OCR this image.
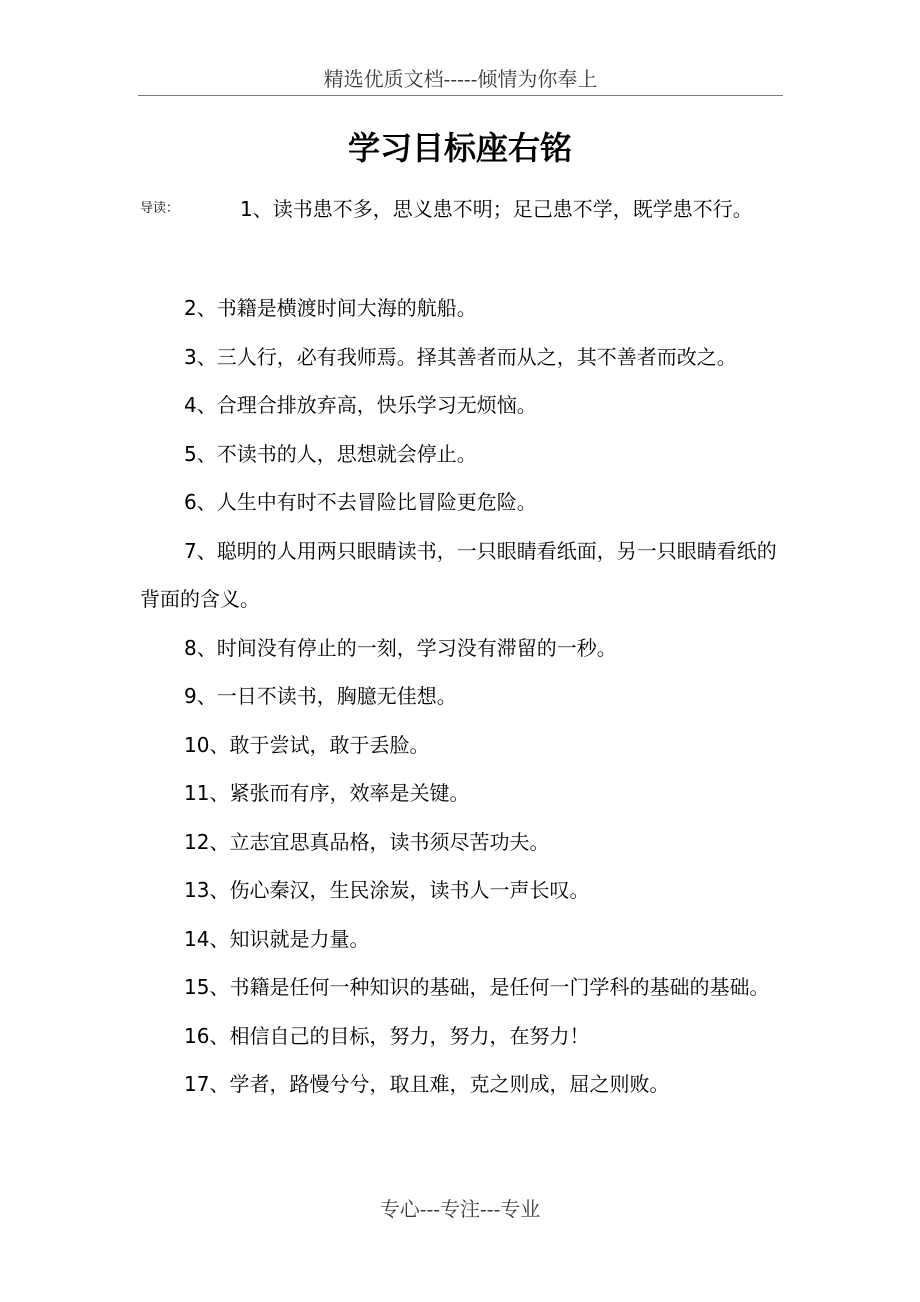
精选优质文档-----倾情为你奉上
学习目标座右铭
导读：	1、读书患不多，思义患不明；足己患不学，既学患不行。

2、书籍是横渡时间大海的航船。

3、三人行，必有我师焉。择其善者而从之，其不善者而改之。

4、合理合排放弃高，快乐学习无烦恼。

5、不读书的人，思想就会停止。

6、人生中有时不去冒险比冒险更危险。

7、聪明的人用两只眼睛读书，一只眼睛看纸面，另一只眼睛看纸的背面的含义。

8、时间没有停止的一刻，学习没有滞留的一秒。

9、一日不读书，胸臆无佳想。

10、敢于尝试，敢于丢脸。

11、紧张而有序，效率是关键。

12、立志宜思真品格，读书须尽苦功夫。

13、伤心秦汉，生民涂炭，读书人一声长叹。

14、知识就是力量。

15、书籍是任何一种知识的基础，是任何一门学科的基础的基础。

16、相信自己的目标，努力，努力，在努力！

17、学者，路慢兮兮，取且难，克之则成，屈之则败。

专心---专注---专业
